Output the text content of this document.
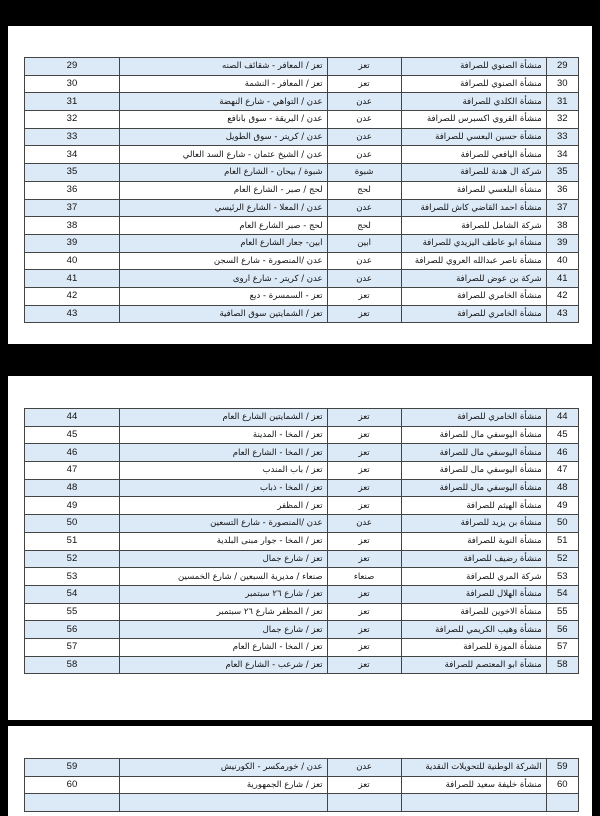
29	تعز / المعافر - شقائف الصنه	تعز	منشأة الصنوي للصرافة	29
30	تعز / المعافر - النشمة	تعز	منشأة الصنوي للصرافة	30
31	عدن / التواهي - شارع النهضة	عدن	منشأة الكلدي للصرافة	31
32	عدن / البريقة - سوق بانافع	عدن	منشأة القروي اكسبرس للصرافة	32
33	عدن / كريتر - سوق الطويل	عدن	منشأة حسين البعسي للصرافة	33
34	عدن / الشيخ عثمان - شارع السد العالي	عدن	منشأة اليافعي للصرافة	34
35	شبوة / بيحان - الشارع العام	شبوة	شركة ال هدنة للصرافة	35
36	لحج / صبر - الشارع العام	لحج	منشأة البلعسي للصرافة	36
37	عدن / المعلا - الشارع الرئيسي	عدن	منشأة احمد القاضي كاش للصرافة	37
38	لحج - صبر الشارع العام	لحج	شركة الشامل للصرافة	38
39	ابين- جعار الشارع العام	ابين	منشأة ابو عاطف اليزيدي للصرافة	39
40	عدن /المنصورة - شارع السجن	عدن	منشأة ناصر عبدالله العروي للصرافة	40
41	عدن / كريتر - شارع اروى	عدن	شركة بن عوض للصرافة	41
42	تعز - السمسرة - ديع	تعز	منشأة الخامري للصرافة	42
43	تعز / الشمايتين سوق الصافية	تعز	منشأة الخامري للصرافة	43
44	تعز / الشمايتين الشارع العام	تعز	منشأة الخامري للصرافة	44
45	تعز / المخا - المدينة	تعز	منشأة اليوسفي مال للصرافة	45
46	تعز / المخا - الشارع العام	تعز	منشأة اليوسفي مال للصرافة	46
47	تعز / باب المندب	تعز	منشأة اليوسفي مال للصرافة	47
48	تعز / المخا - ذباب	تعز	منشأة اليوسفي مال للصرافة	48
49	تعز / المظفر	تعز	منشأة الهيثم للصرافة	49
50	عدن /المنصورة - شارع التسعين	عدن	منشأة بن يزيد للصرافة	50
51	تعز / المخا - جوار مبنى البلدية	تعز	منشأة النوبة للصرافة	51
52	تعز / شارع جمال	تعز	منشأة رضيف للصرافة	52
53	صنعاء / مديرية السبعين / شارع الخمسين	صنعاء	شركة المري للصرافة	53
54	تعز / شارع ٢٦ سبتمبر	تعز	منشأة الهلال للصرافة	54
55	تعز / المظفر شارع ٢٦ سبتمبر	تعز	منشأة الاخوين للصرافة	55
56	تعز / شارع جمال	تعز	منشأة وهيب الكريمي للصرافة	56
57	تعز / المخا - الشارع العام	تعز	منشأة الموزة للصرافة	57
58	تعز / شرعب - الشارع العام	تعز	منشأة ابو المعتصم للصرافة	58
59	عدن / خورمكسر - الكورنيش	عدن	الشركة الوطنية للتحويلات النقدية	59
60	تعز / شارع الجمهورية	تعز	منشأة خليفة سعيد للصرافة	60
